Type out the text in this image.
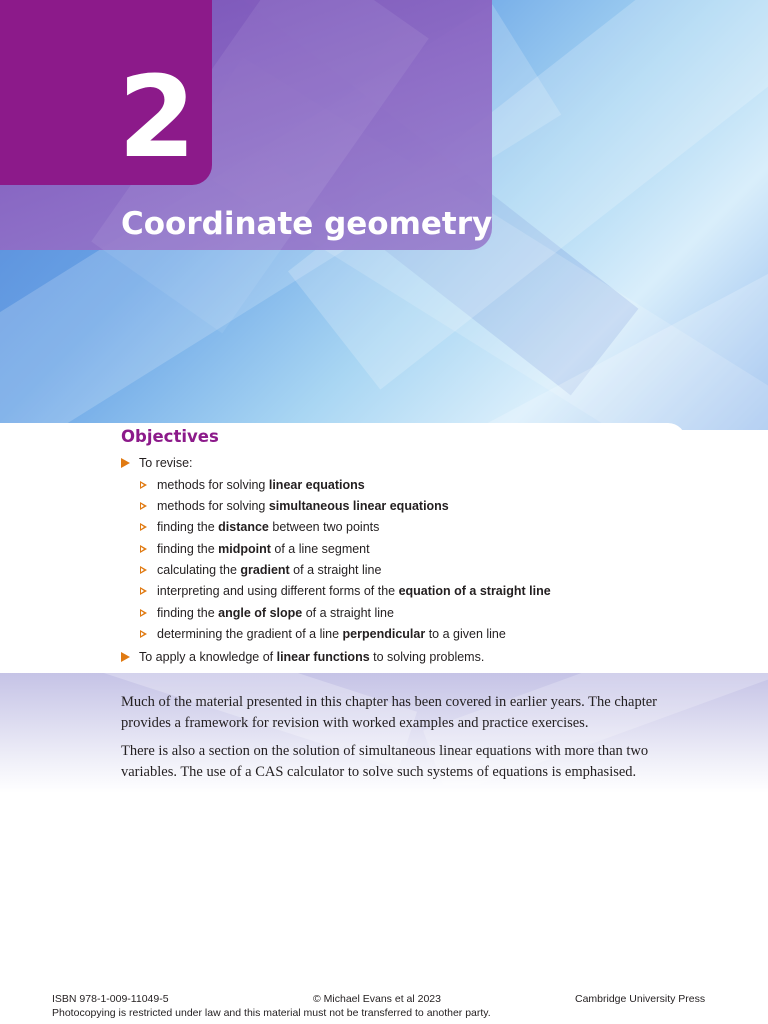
2
Coordinate geometry
Objectives
To revise:
methods for solving linear equations
methods for solving simultaneous linear equations
finding the distance between two points
finding the midpoint of a line segment
calculating the gradient of a straight line
interpreting and using different forms of the equation of a straight line
finding the angle of slope of a straight line
determining the gradient of a line perpendicular to a given line
To apply a knowledge of linear functions to solving problems.
Much of the material presented in this chapter has been covered in earlier years. The chapter provides a framework for revision with worked examples and practice exercises.
There is also a section on the solution of simultaneous linear equations with more than two variables. The use of a CAS calculator to solve such systems of equations is emphasised.
ISBN 978-1-009-11049-5	© Michael Evans et al 2023	Cambridge University Press
Photocopying is restricted under law and this material must not be transferred to another party.
